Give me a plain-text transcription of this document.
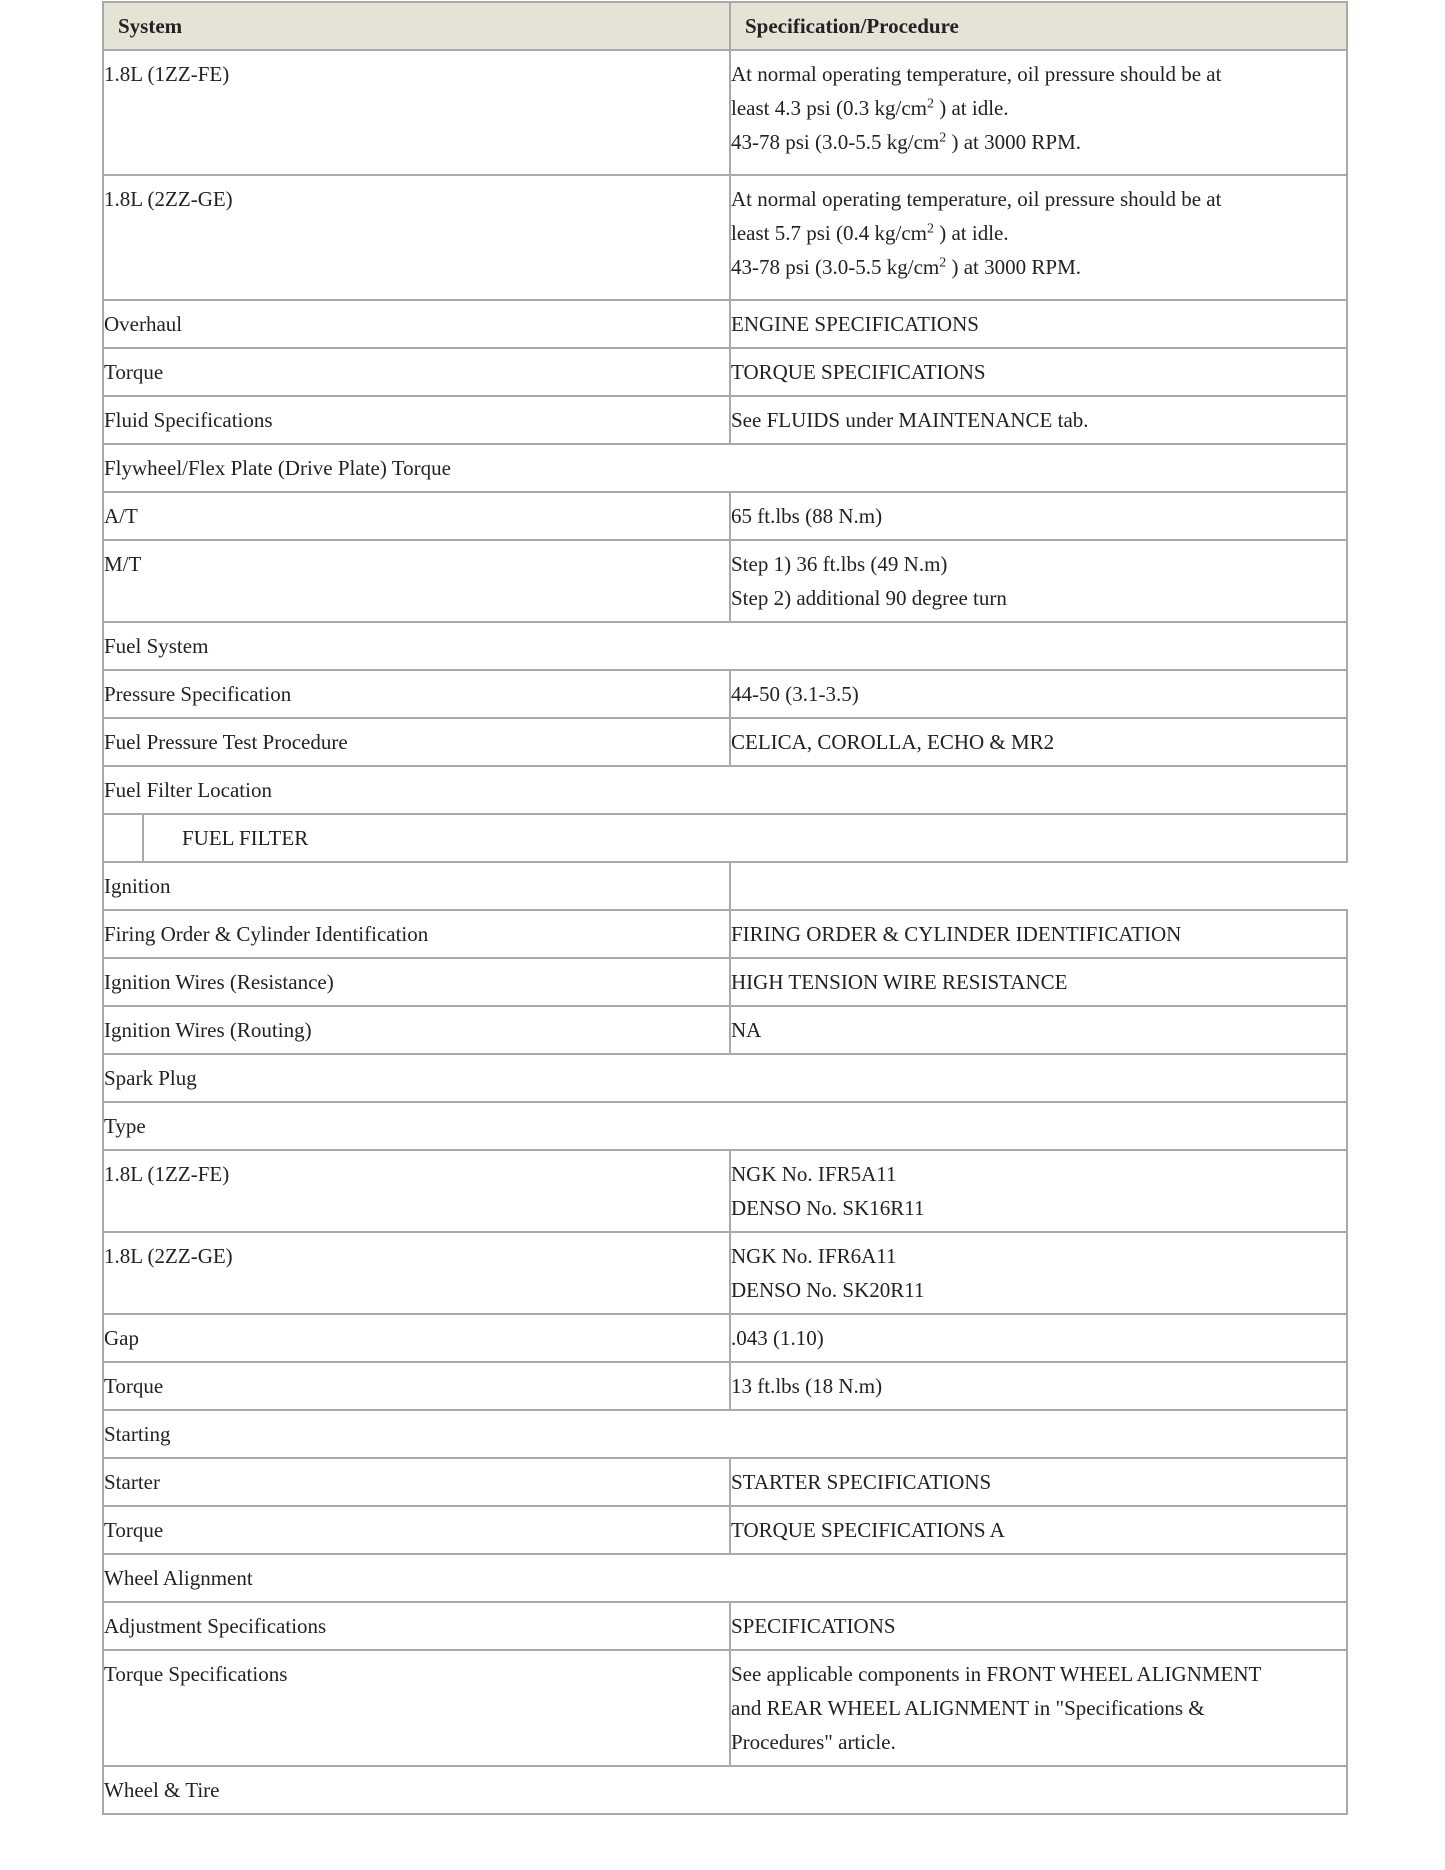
System	Specification/Procedure
1.8L (1ZZ-FE)	At normal operating temperature, oil pressure should be at
least 4.3 psi (0.3 $kg/cm^2$ ) at idle.
43-78 psi (3.0-5.5 $kg/cm^2$ ) at 3000 RPM.

1.8L (2ZZ-GE)	At normal operating temperature, oil pressure should be at
least 5.7 psi (0.4 $kg/cm^2$ ) at idle.
43-78 psi (3.0-5.5 $kg/cm^2$ ) at 3000 RPM.

Overhaul	ENGINE SPECIFICATIONS
Torque	TORQUE SPECIFICATIONS
Fluid Specifications	See FLUIDS under MAINTENANCE tab.
Flywheel/Flex Plate (Drive Plate) Torque
A/T	65 ft.lbs (88 N.m)
M/T	Step 1) 36 ft.lbs (49 N.m)
Step 2) additional 90 degree turn

Fuel System
Pressure Specification	44-50 (3.1-3.5)
Fuel Pressure Test Procedure	CELICA, COROLLA, ECHO & MR2
Fuel Filter Location

	FUEL FILTER

Ignition	
Firing Order & Cylinder Identification	FIRING ORDER & CYLINDER IDENTIFICATION
Ignition Wires (Resistance)	HIGH TENSION WIRE RESISTANCE
Ignition Wires (Routing)	NA
Spark Plug
Type
1.8L (1ZZ-FE)	NGK No. IFR5A11
DENSO No. SK16R11

1.8L (2ZZ-GE)	NGK No. IFR6A11
DENSO No. SK20R11

Gap	.043 (1.10)
Torque	13 ft.lbs (18 N.m)
Starting
Starter	STARTER SPECIFICATIONS
Torque	TORQUE SPECIFICATIONS A
Wheel Alignment
Adjustment Specifications	SPECIFICATIONS
Torque Specifications	See applicable components in FRONT WHEEL ALIGNMENT
and REAR WHEEL ALIGNMENT in "Specifications &
Procedures" article.

Wheel & Tire
